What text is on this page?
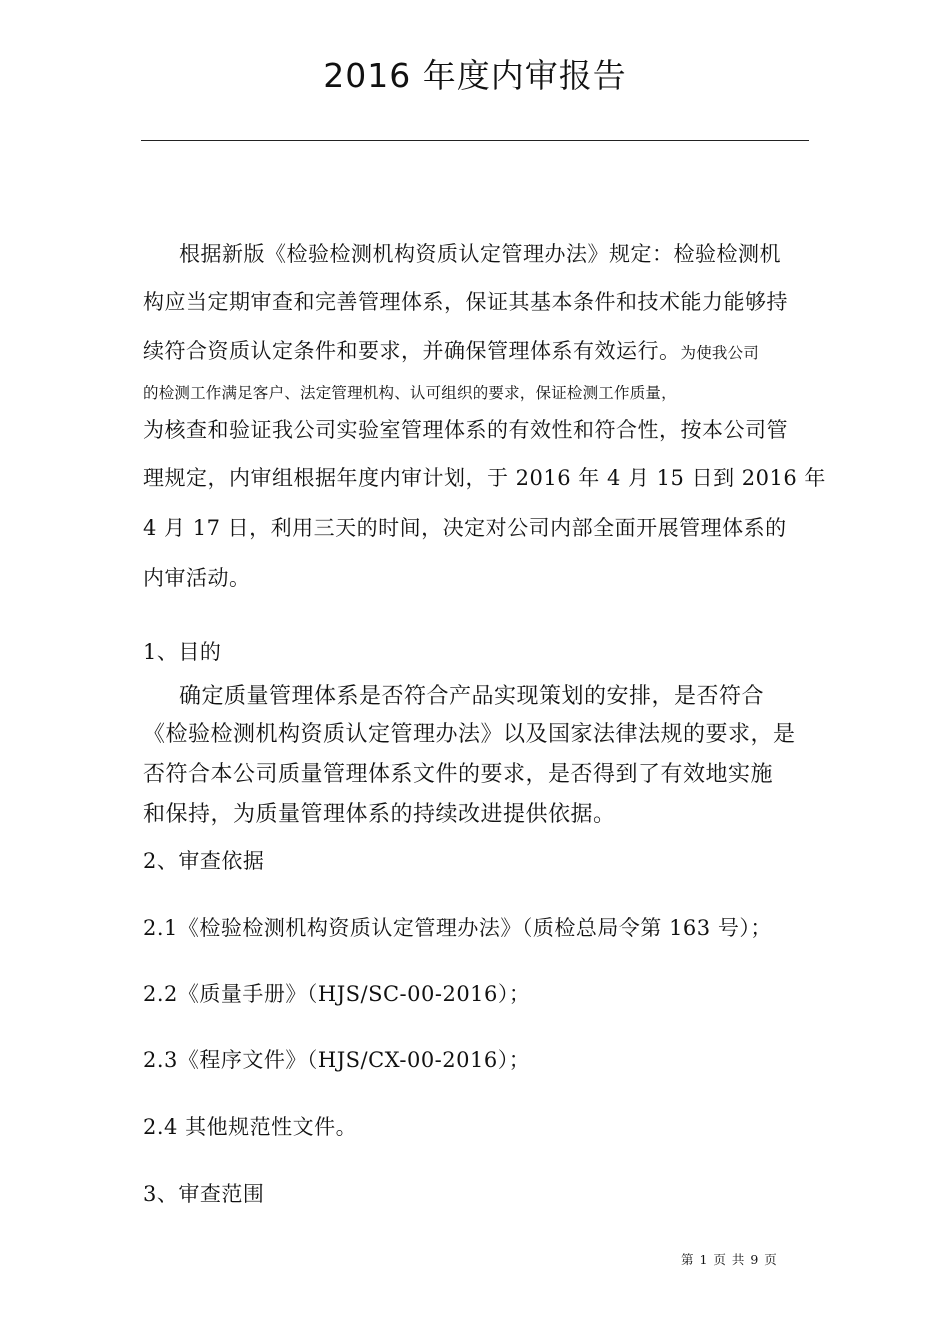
2016 年度内审报告
根据新版《检验检测机构资质认定管理办法》规定：检验检测机
构应当定期审查和完善管理体系，保证其基本条件和技术能力能够持
续符合资质认定条件和要求，并确保管理体系有效运行。为使我公司
的检测工作满足客户、法定管理机构、认可组织的要求，保证检测工作质量，
为核查和验证我公司实验室管理体系的有效性和符合性，按本公司管
理规定，内审组根据年度内审计划，于 2016 年 4 月 15 日到 2016 年
4 月 17 日，利用三天的时间，决定对公司内部全面开展管理体系的
内审活动。
1、目的
确定质量管理体系是否符合产品实现策划的安排，是否符合
《检验检测机构资质认定管理办法》以及国家法律法规的要求，是
否符合本公司质量管理体系文件的要求，是否得到了有效地实施
和保持，为质量管理体系的持续改进提供依据。
2、审查依据
2.1《检验检测机构资质认定管理办法》（质检总局令第 163 号）；
2.2《质量手册》（HJS/SC-00-2016）；
2.3《程序文件》（HJS/CX-00-2016）；
2.4 其他规范性文件。
3、审查范围
第 1 页 共 9 页
